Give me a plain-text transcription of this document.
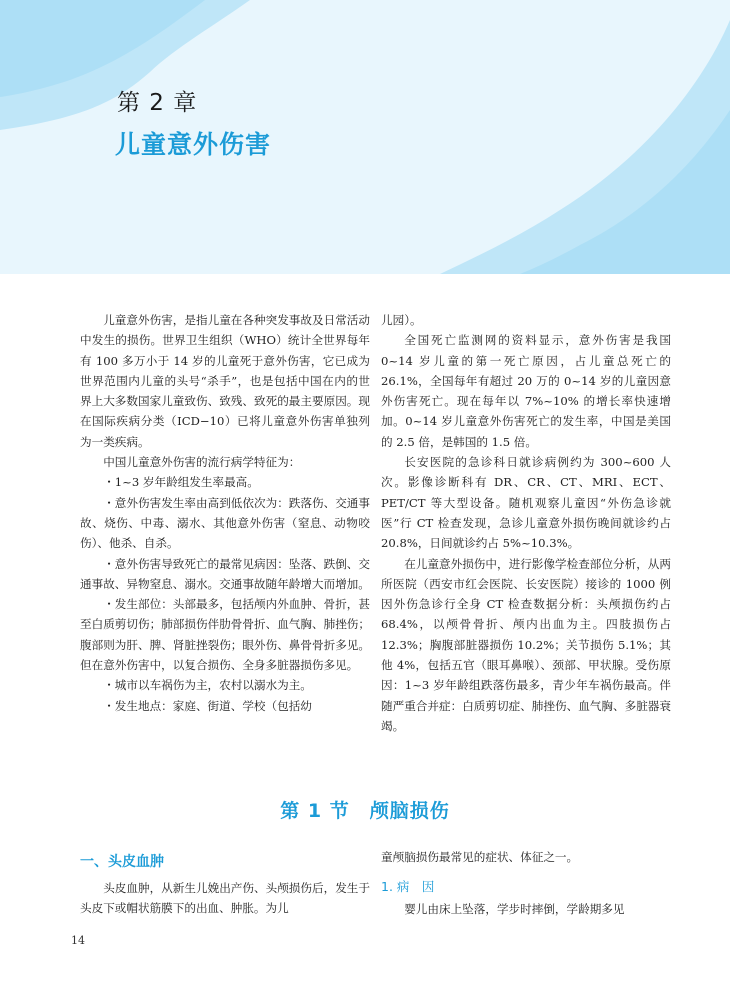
第 2 章
儿童意外伤害

儿童意外伤害，是指儿童在各种突发事故及日常活动中发生的损伤。世界卫生组织（WHO）统计全世界每年有 100 多万小于 14 岁的儿童死于意外伤害，它已成为世界范围内儿童的头号“杀手”，也是包括中国在内的世界上大多数国家儿童致伤、致残、致死的最主要原因。现在国际疾病分类（ICD−10）已将儿童意外伤害单独列为一类疾病。

中国儿童意外伤害的流行病学特征为：

・1~3 岁年龄组发生率最高。

・意外伤害发生率由高到低依次为：跌落伤、交通事故、烧伤、中毒、溺水、其他意外伤害（窒息、动物咬伤）、他杀、自杀。

・意外伤害导致死亡的最常见病因：坠落、跌倒、交通事故、异物窒息、溺水。交通事故随年龄增大而增加。

・发生部位：头部最多，包括颅内外血肿、骨折，甚至白质剪切伤；肺部损伤伴肋骨骨折、血气胸、肺挫伤；腹部则为肝、脾、肾脏挫裂伤；眼外伤、鼻骨骨折多见。但在意外伤害中，以复合损伤、全身多脏器损伤多见。

・城市以车祸伤为主，农村以溺水为主。

・发生地点：家庭、街道、学校（包括幼

儿园）。

全国死亡监测网的资料显示，意外伤害是我国 0~14 岁儿童的第一死亡原因，占儿童总死亡的 26.1%，全国每年有超过 20 万的 0~14 岁的儿童因意外伤害死亡。现在每年以 7%~10% 的增长率快速增加。0~14 岁儿童意外伤害死亡的发生率，中国是美国的 2.5 倍，是韩国的 1.5 倍。

长安医院的急诊科日就诊病例约为 300~600 人次。影像诊断科有 DR、CR、CT、MRI、ECT、PET/CT 等大型设备。随机观察儿童因“外伤急诊就医”行 CT 检查发现，急诊儿童意外损伤晚间就诊约占 20.8%，日间就诊约占 5%~10.3%。

在儿童意外损伤中，进行影像学检查部位分析，从两所医院（西安市红会医院、长安医院）接诊的 1000 例因外伤急诊行全身 CT 检查数据分析：头颅损伤约占 68.4%，以颅骨骨折、颅内出血为主。四肢损伤占 12.3%；胸腹部脏器损伤 10.2%；关节损伤 5.1%；其他 4%，包括五官（眼耳鼻喉）、颈部、甲状腺。受伤原因：1~3 岁年龄组跌落伤最多，青少年车祸伤最高。伴随严重合并症：白质剪切症、肺挫伤、血气胸、多脏器衰竭。

第 1 节 颅脑损伤
一、头皮血肿

头皮血肿，从新生儿娩出产伤、头颅损伤后，发生于头皮下或帽状筋膜下的出血、肿胀。为儿

童颅脑损伤最常见的症状、体征之一。

1. 病　因

婴儿由床上坠落，学步时摔倒，学龄期多见

14
